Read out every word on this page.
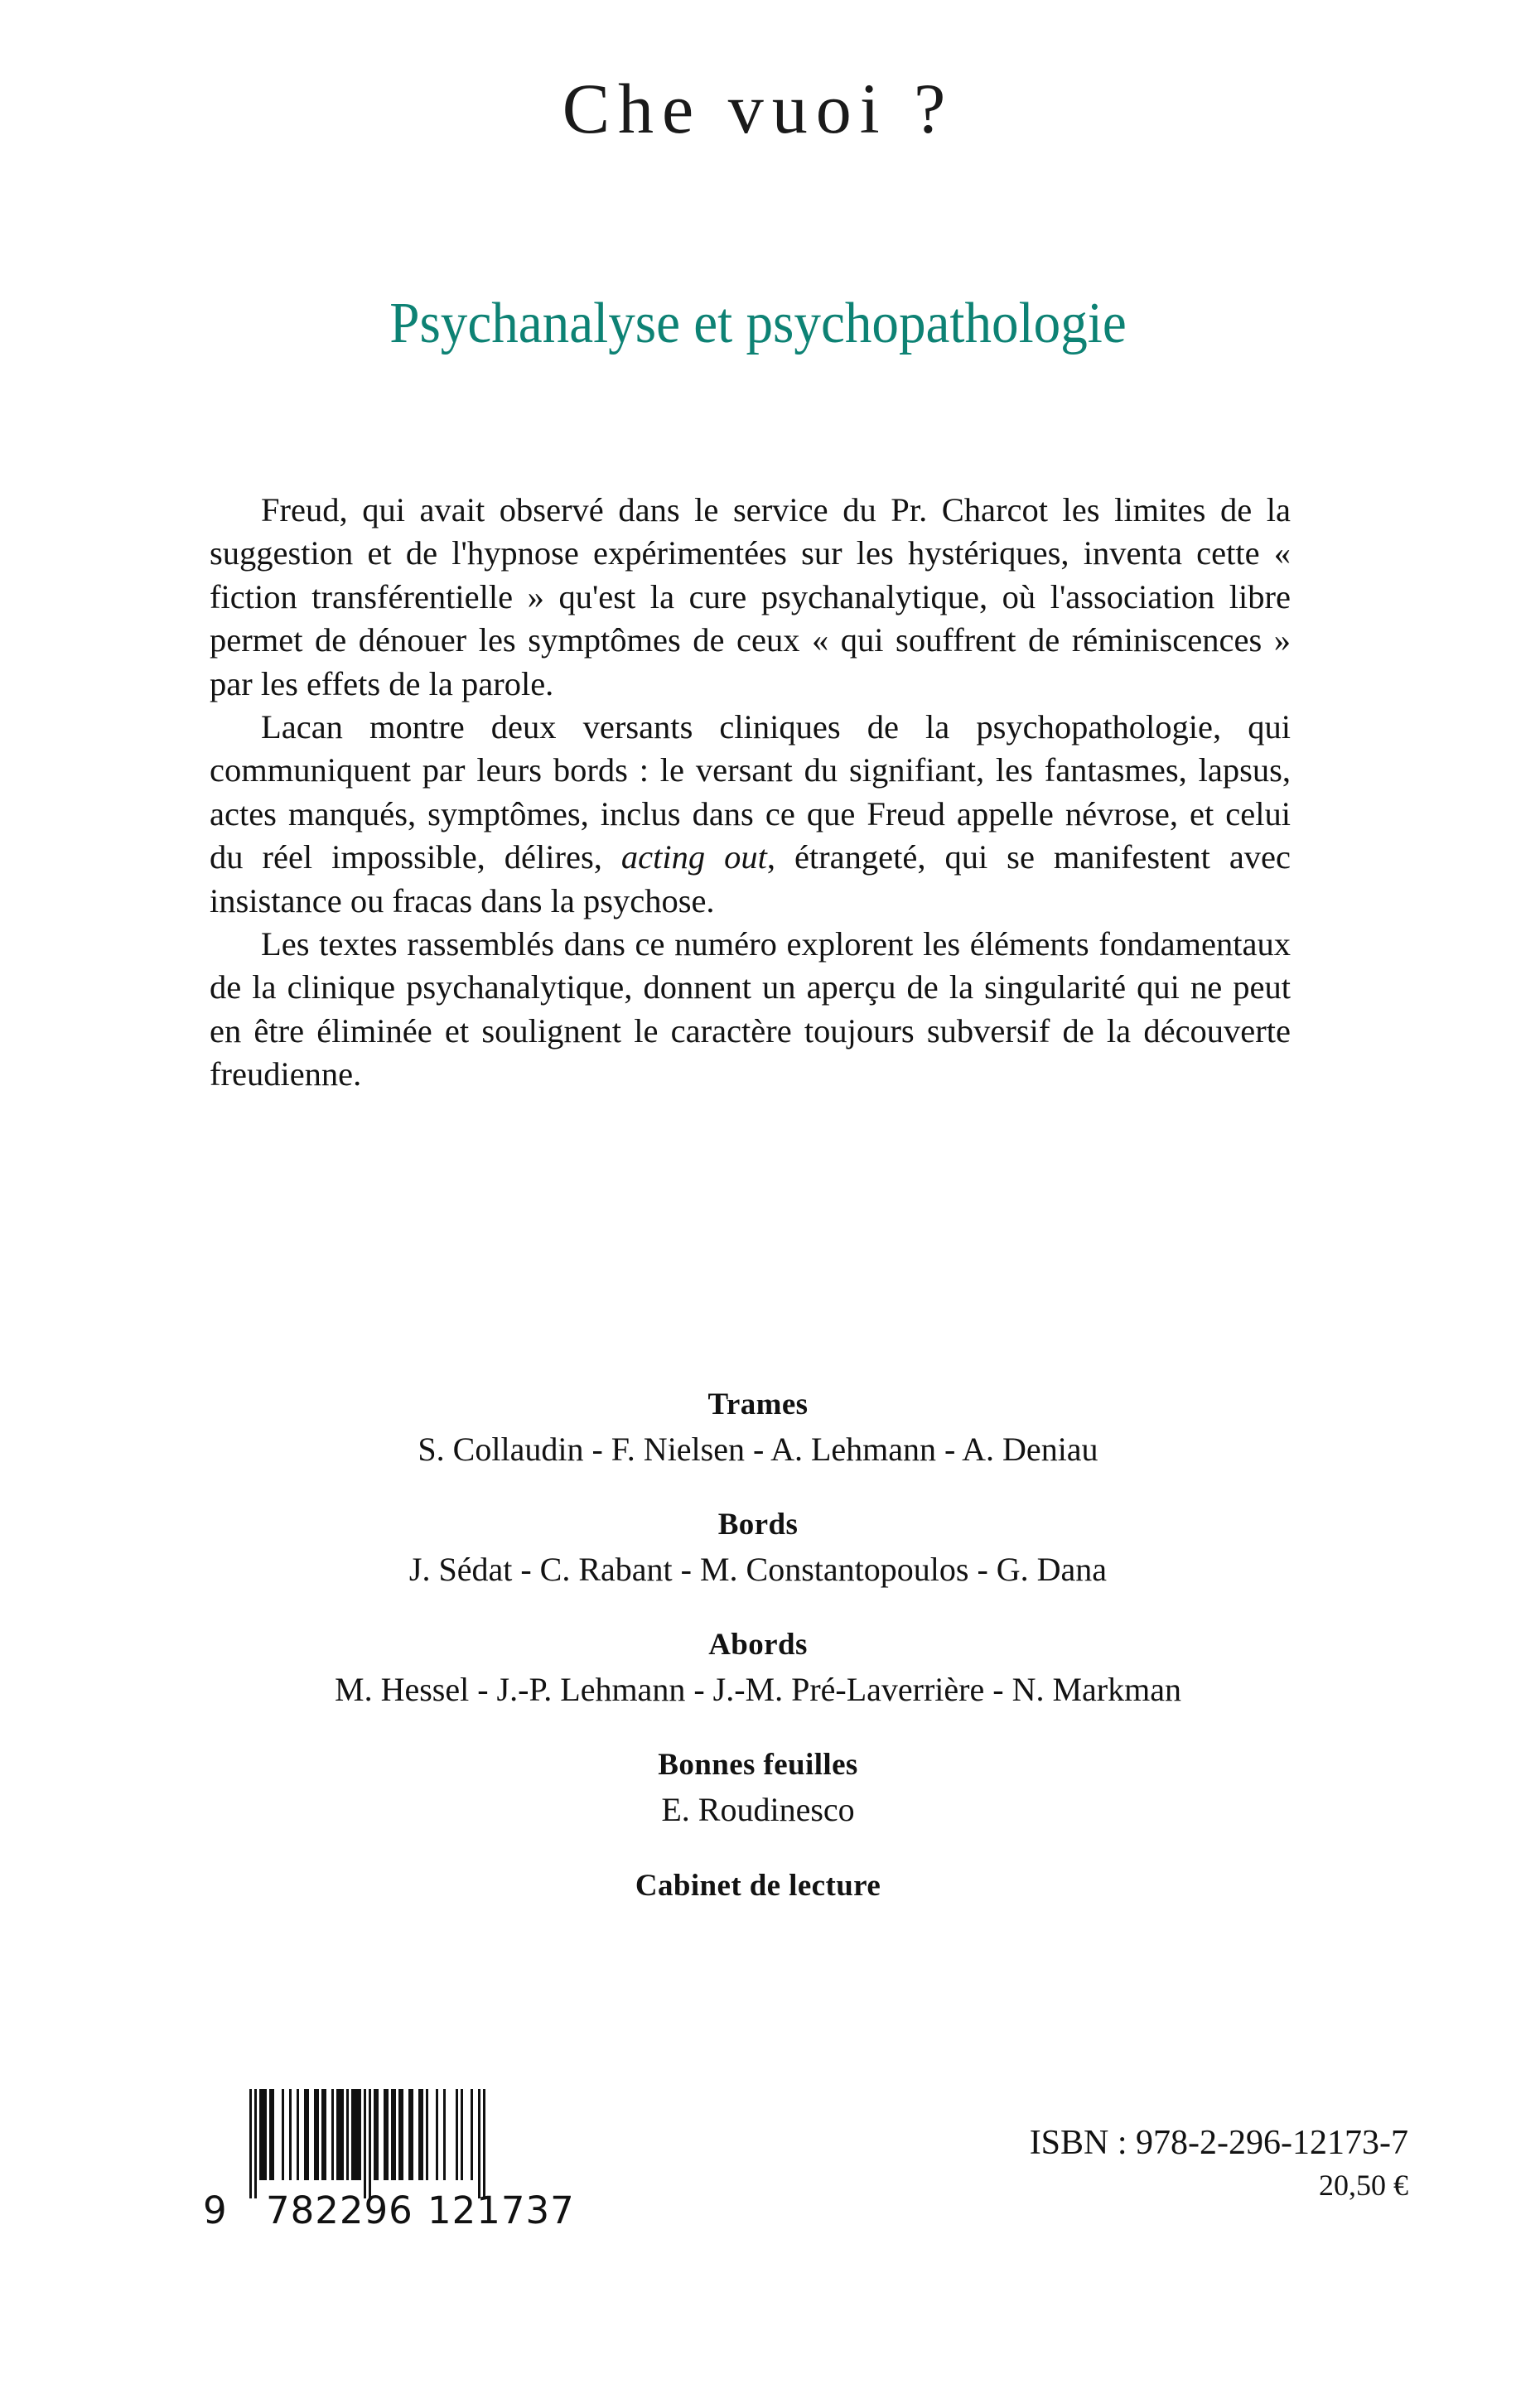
Che vuoi ?
Psychanalyse et psychopathologie

Freud, qui avait observé dans le service du Pr. Charcot les limites de la suggestion et de l'hypnose expérimentées sur les hystériques, inventa cette « fiction transférentielle » qu'est la cure psychanalytique, où l'association libre permet de dénouer les symptômes de ceux « qui souffrent de réminiscences » par les effets de la parole.

Lacan montre deux versants cliniques de la psychopathologie, qui communiquent par leurs bords : le versant du signifiant, les fantasmes, lapsus, actes manqués, symptômes, inclus dans ce que Freud appelle névrose, et celui du réel impossible, délires, acting out, étrangeté, qui se manifestent avec insistance ou fracas dans la psychose.

Les textes rassemblés dans ce numéro explorent les éléments fondamentaux de la clinique psychanalytique, donnent un aperçu de la singularité qui ne peut en être éliminée et soulignent le caractère toujours subversif de la découverte freudienne.

Trames
S. Collaudin - F. Nielsen - A. Lehmann - A. Deniau
Bords
J. Sédat - C. Rabant - M. Constantopoulos - G. Dana
Abords
M. Hessel - J.-P. Lehmann - J.-M. Pré-Laverrière - N. Markman
Bonnes feuilles
E. Roudinesco
Cabinet de lecture

9

782296

121737

ISBN : 978-2-296-12173-7
20,50 €
